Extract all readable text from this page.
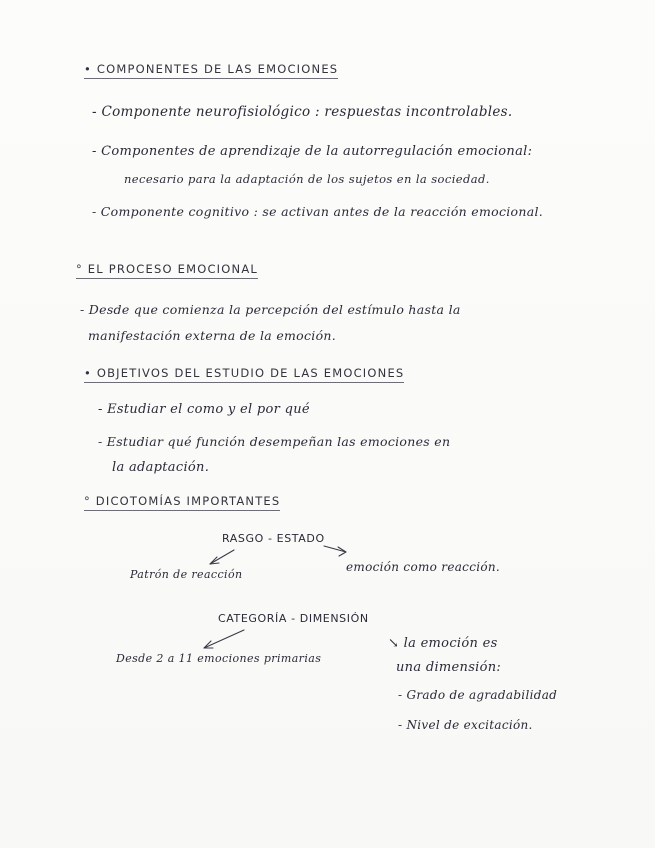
• COMPONENTES DE LAS EMOCIONES
- Componente neurofisiológico : respuestas incontrolables.
- Componentes de aprendizaje de la autorregulación emocional:
necesario para la adaptación de los sujetos en la sociedad.
- Componente cognitivo : se activan antes de la reacción emocional.
° EL PROCESO EMOCIONAL
- Desde que comienza la percepción del estímulo hasta la
manifestación externa de la emoción.
• OBJETIVOS DEL ESTUDIO DE LAS EMOCIONES
- Estudiar el como y el por qué
- Estudiar qué función desempeñan las emociones en
la adaptación.
° DICOTOMÍAS IMPORTANTES
RASGO - ESTADO
Patrón de reacción
emoción como reacción.
CATEGORÍA - DIMENSIÓN
Desde 2 a 11 emociones primarias
↘ la emoción es
una dimensión:
- Grado de agradabilidad
- Nivel de excitación.
